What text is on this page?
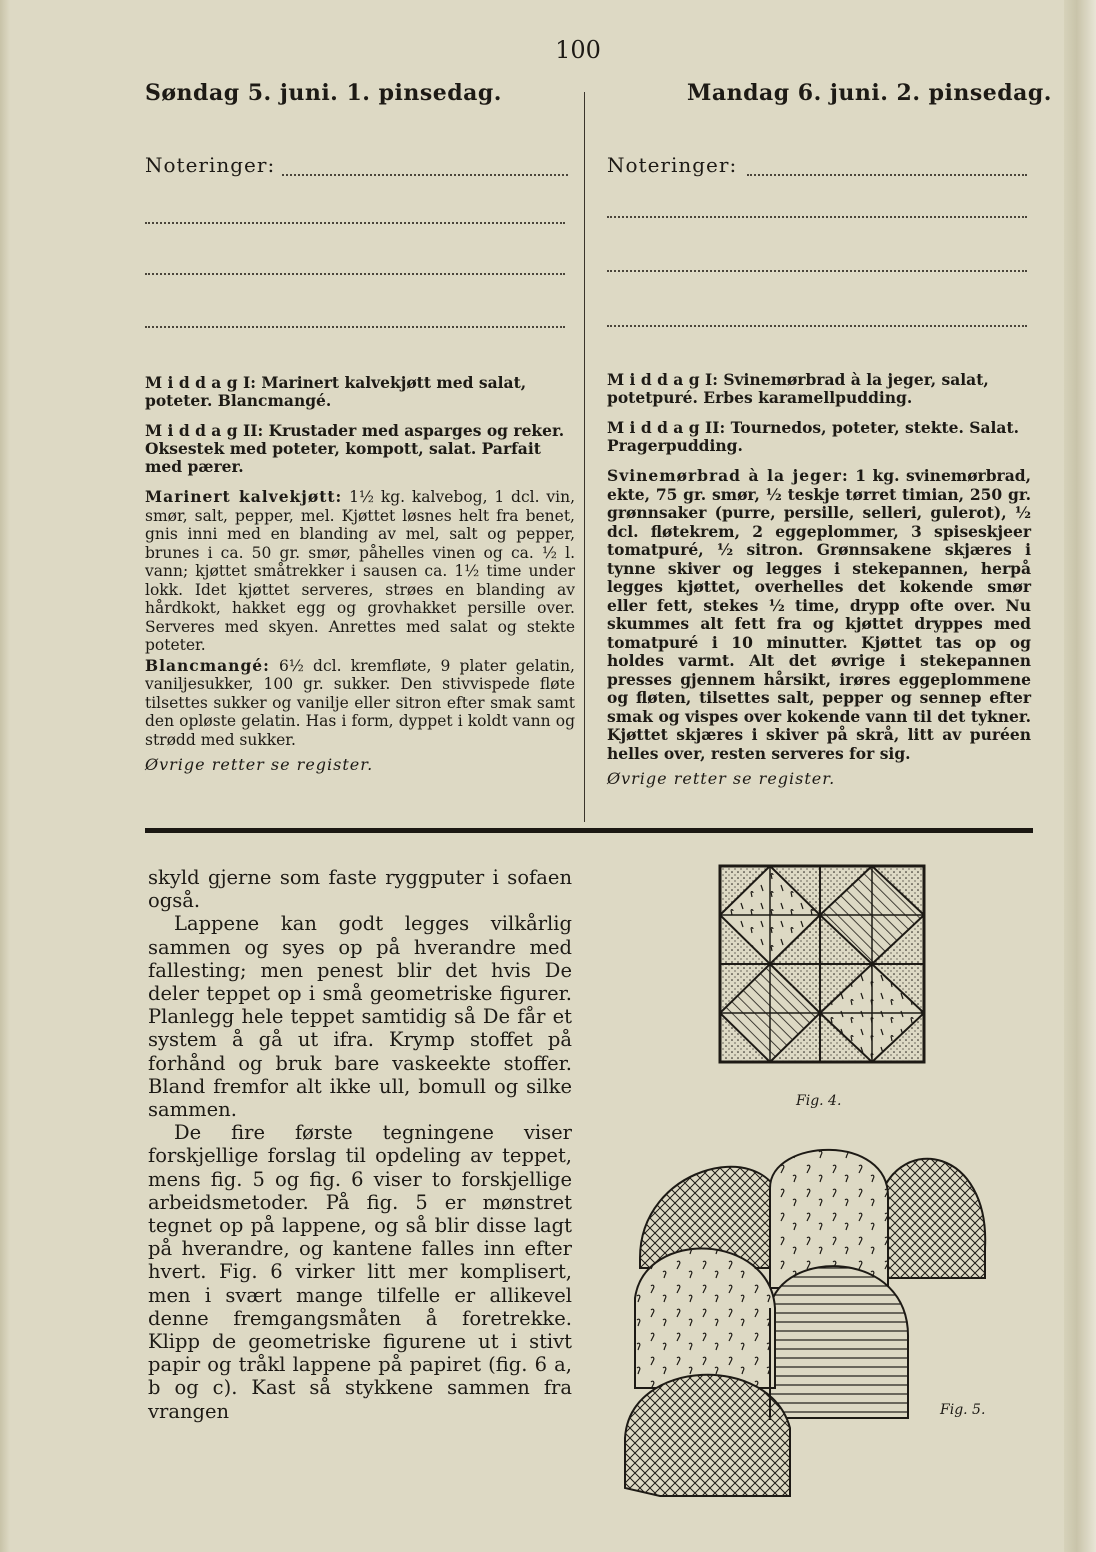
100
Søndag 5. juni. 1. pinsedag.	Mandag 6. juni. 2. pinsedag.
Noteringer:	Noteringer:
M i d d a g I: Marinert kalvekjøtt med salat, poteter. Blancmangé.
M i d d a g II: Krustader med asparges og reker. Oksestek med poteter, kompott, salat. Parfait med pærer.
Marinert kalvekjøtt: 1½ kg. kalvebog, 1 dcl. vin, smør, salt, pepper, mel. Kjøttet løsnes helt fra benet, gnis inni med en blanding av mel, salt og pepper, brunes i ca. 50 gr. smør, påhelles vinen og ca. ½ l. vann; kjøttet småtrekker i sausen ca. 1½ time under lokk. Idet kjøttet serveres, strøes en blanding av hårdkokt, hakket egg og grovhakket persille over. Serveres med skyen. Anrettes med salat og stekte poteter.
Blancmangé: 6½ dcl. kremfløte, 9 plater gelatin, vaniljesukker, 100 gr. sukker. Den stivvispede fløte tilsettes sukker og vanilje eller sitron efter smak samt den opløste gelatin. Has i form, dyppet i koldt vann og strødd med sukker.
Øvrige retter se register.
M i d d a g I: Svinemørbrad à la jeger, salat, potetpuré. Erbes karamellpudding.
M i d d a g II: Tournedos, poteter, stekte. Salat. Pragerpudding.
Svinemørbrad à la jeger: 1 kg. svinemørbrad, ekte, 75 gr. smør, ½ teskje tørret timian, 250 gr. grønnsaker (purre, persille, selleri, gulerot), ½ dcl. fløtekrem, 2 eggeplommer, 3 spiseskjeer tomatpuré, ½ sitron. Grønnsakene skjæres i tynne skiver og legges i stekepannen, herpå legges kjøttet, overhelles det kokende smør eller fett, stekes ½ time, drypp ofte over. Nu skummes alt fett fra og kjøttet dryppes med tomatpuré i 10 minutter. Kjøttet tas op og holdes varmt. Alt det øvrige i stekepannen presses gjennem hårsikt, irøres eggeplommene og fløten, tilsettes salt, pepper og sennep efter smak og vispes over kokende vann til det tykner. Kjøttet skjæres i skiver på skrå, litt av puréen helles over, resten serveres for sig.
Øvrige retter se register.

skyld gjerne som faste ryggputer i sofaen også.

Lappene kan godt legges vilkårlig sammen og syes op på hverandre med fallesting; men penest blir det hvis De deler teppet op i små geometriske figurer. Planlegg hele teppet samtidig så De får et system å gå ut ifra. Krymp stoffet på forhånd og bruk bare vaskeekte stoffer. Bland fremfor alt ikke ull, bomull og silke sammen.

De fire første tegningene viser forskjellige forslag til opdeling av teppet, mens fig. 5 og fig. 6 viser to forskjellige arbeidsmetoder. På fig. 5 er mønstret tegnet op på lappene, og så blir disse lagt på hverandre, og kantene falles inn efter hvert. Fig. 6 virker litt mer komplisert, men i svært mange tilfelle er allikevel denne fremgangsmåten å foretrekke. Klipp de geometriske figurene ut i stivt papir og tråkl lappene på papiret (fig. 6 a, b og c). Kast så stykkene sammen fra vrangen

Fig. 4.
Fig. 5.
